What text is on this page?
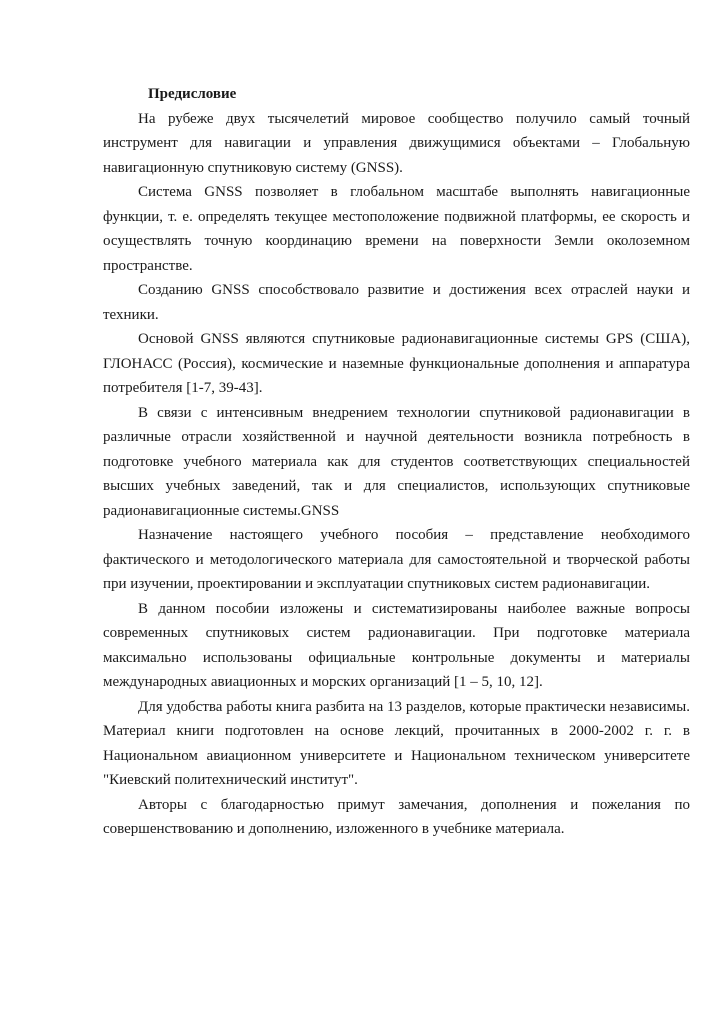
Предисловие

На рубеже двух тысячелетий мировое сообщество получило самый точный инструмент для навигации и управления движущимися объектами – Глобальную навигационную спутниковую систему (GNSS).

Система GNSS позволяет в глобальном масштабе выполнять навигационные функции, т. е. определять текущее местоположение подвижной платформы, ее скорость и осуществлять точную координацию времени на поверхности Земли околоземном пространстве.

Созданию GNSS способствовало развитие и достижения всех отраслей науки и техники.

Основой GNSS являются спутниковые радионавигационные системы GPS (США), ГЛОНАСС (Россия), космические и наземные функциональные дополнения и аппаратура потребителя [1-7, 39-43].

В связи с интенсивным внедрением технологии спутниковой радионавигации в различные отрасли хозяйственной и научной деятельности возникла потребность в подготовке учебного материала как для студентов соответствующих специальностей высших учебных заведений, так и для специалистов, использующих спутниковые радионавигационные системы.GNSS

Назначение настоящего учебного пособия – представление необходимого фактического и методологического материала для самостоятельной и творческой работы при изучении, проектировании и эксплуатации спутниковых систем радионавигации.

В данном пособии изложены и систематизированы наиболее важные вопросы современных спутниковых систем радионавигации. При подготовке материала максимально использованы официальные контрольные документы и материалы международных авиационных и морских организаций [1 – 5, 10, 12].

Для удобства работы книга разбита на 13 разделов, которые практически независимы. Материал книги подготовлен на основе лекций, прочитанных в 2000-2002 г. г. в Национальном авиационном университете и Национальном техническом университете "Киевский политехнический институт".

Авторы с благодарностью примут замечания, дополнения и пожелания по совершенствованию и дополнению, изложенного в учебнике материала.
